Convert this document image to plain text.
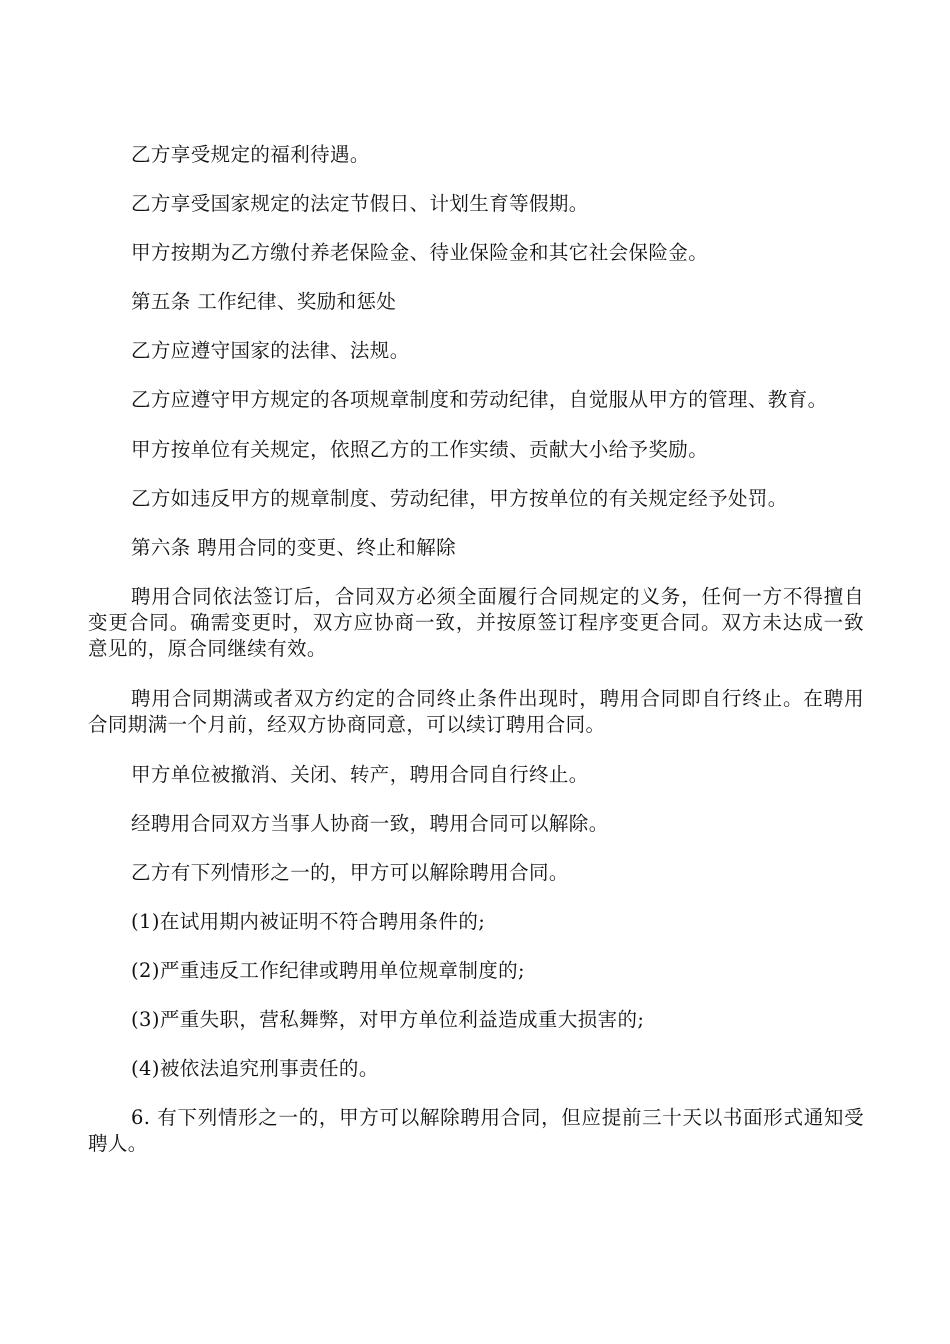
乙方享受规定的福利待遇。

乙方享受国家规定的法定节假日、计划生育等假期。

甲方按期为乙方缴付养老保险金、待业保险金和其它社会保险金。

第五条 工作纪律、奖励和惩处

乙方应遵守国家的法律、法规。

乙方应遵守甲方规定的各项规章制度和劳动纪律，自觉服从甲方的管理、教育。

甲方按单位有关规定，依照乙方的工作实绩、贡献大小给予奖励。

乙方如违反甲方的规章制度、劳动纪律，甲方按单位的有关规定经予处罚。

第六条 聘用合同的变更、终止和解除

聘用合同依法签订后，合同双方必须全面履行合同规定的义务，任何一方不得擅自变更合同。确需变更时，双方应协商一致，并按原签订程序变更合同。双方未达成一致意见的，原合同继续有效。

聘用合同期满或者双方约定的合同终止条件出现时，聘用合同即自行终止。在聘用合同期满一个月前，经双方协商同意，可以续订聘用合同。

甲方单位被撤消、关闭、转产，聘用合同自行终止。

经聘用合同双方当事人协商一致，聘用合同可以解除。

乙方有下列情形之一的，甲方可以解除聘用合同。

(1)在试用期内被证明不符合聘用条件的;

(2)严重违反工作纪律或聘用单位规章制度的;

(3)严重失职，营私舞弊，对甲方单位利益造成重大损害的;

(4)被依法追究刑事责任的。

6. 有下列情形之一的，甲方可以解除聘用合同，但应提前三十天以书面形式通知受聘人。
